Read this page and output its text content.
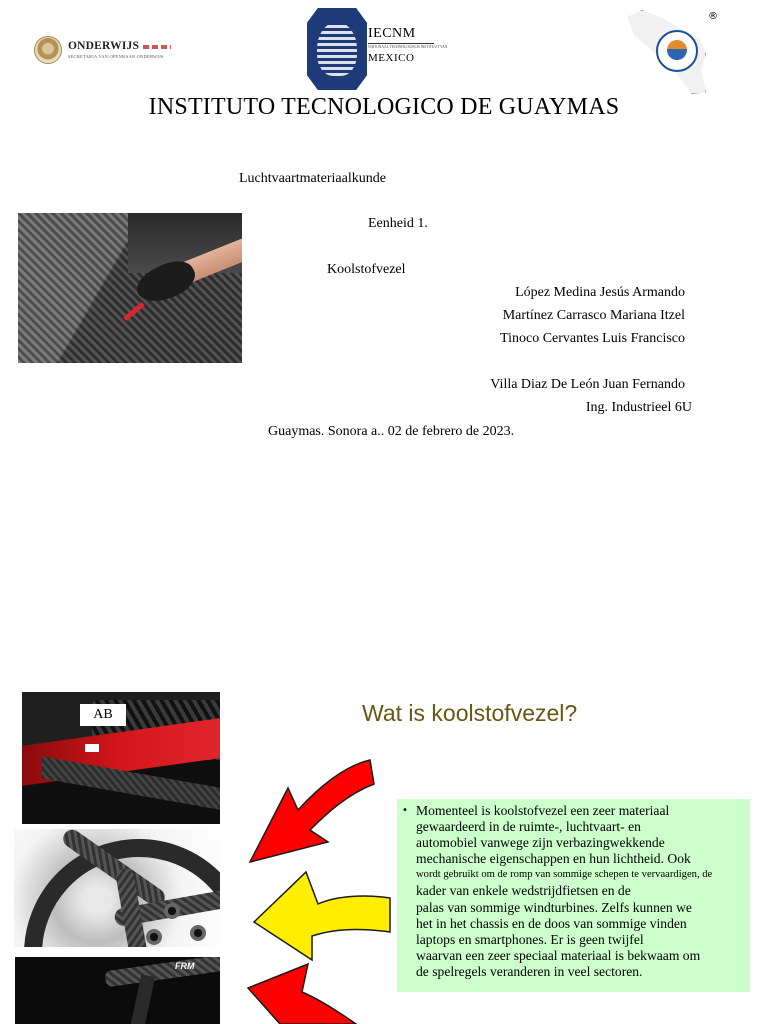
ONDERWIJS
SECRETARIA VAN OPENBAAR ONDERWIJS
IECNM
NATIONAAL TECHNOLOGISCH INSTITUUT VAN
MEXICO
®
INSTITUTO TECNOLOGICO DE GUAYMAS
Luchtvaartmateriaalkunde
Eenheid 1.
Koolstofvezel
López Medina Jesús Armando
Martínez Carrasco Mariana Itzel
Tinoco Cervantes Luis Francisco
Villa Diaz De León Juan Fernando
Ing. Industrieel 6U
Guaymas. Sonora a.. 02 de febrero de 2023.
AB
FRM
Wat is koolstofvezel?
• Momenteel is koolstofvezel een zeer materiaal
gewaardeerd in de ruimte-, luchtvaart- en
automobiel vanwege zijn verbazingwekkende
mechanische eigenschappen en hun lichtheid. Ook
wordt gebruikt om de romp van sommige schepen te vervaardigen, de
kader van enkele wedstrijdfietsen en de
palas van sommige windturbines. Zelfs kunnen we
het in het chassis en de doos van sommige vinden
laptops en smartphones. Er is geen twijfel
waarvan een zeer speciaal materiaal is bekwaam om
de spelregels veranderen in veel sectoren.
